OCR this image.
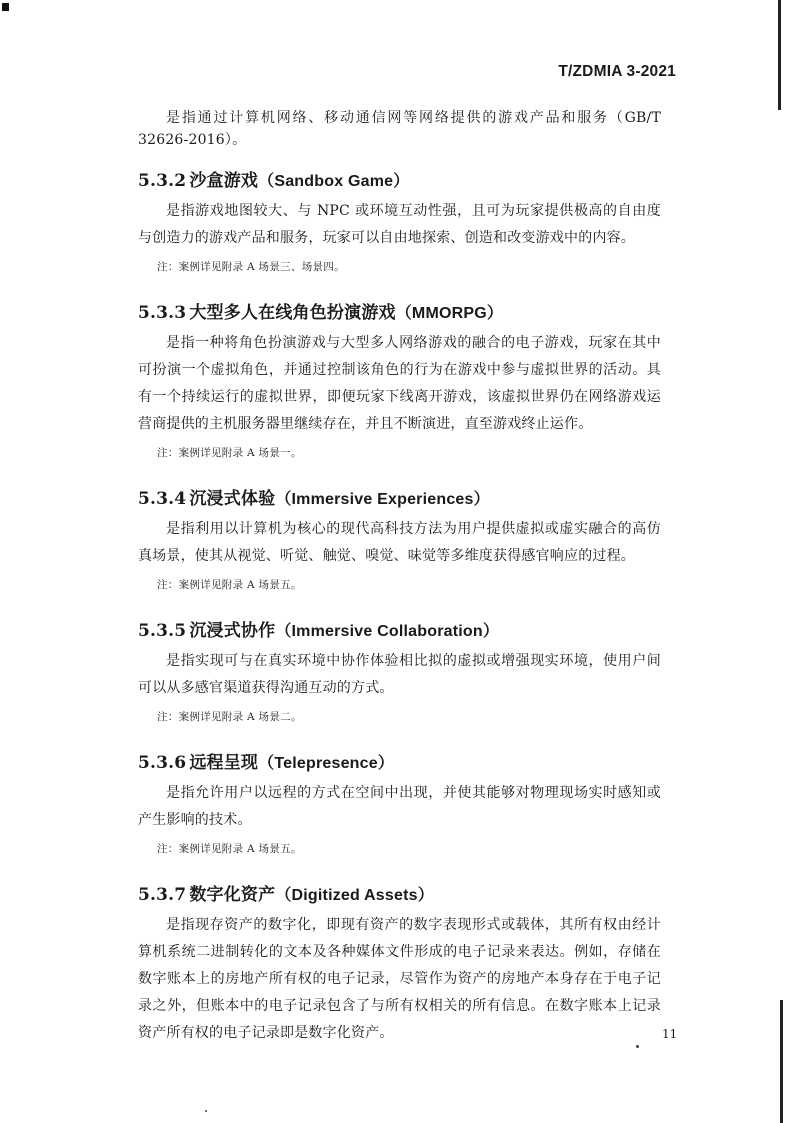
T/ZDMIA 3-2021

是指通过计算机网络、移动通信网等网络提供的游戏产品和服务（GB/T 32626-2016）。

5.3.2 沙盒游戏（Sandbox Game）

是指游戏地图较大、与 NPC 或环境互动性强，且可为玩家提供极高的自由度与创造力的游戏产品和服务，玩家可以自由地探索、创造和改变游戏中的内容。

注：案例详见附录 A 场景三、场景四。

5.3.3 大型多人在线角色扮演游戏（MMORPG）

是指一种将角色扮演游戏与大型多人网络游戏的融合的电子游戏，玩家在其中可扮演一个虚拟角色，并通过控制该角色的行为在游戏中参与虚拟世界的活动。具有一个持续运行的虚拟世界，即便玩家下线离开游戏，该虚拟世界仍在网络游戏运营商提供的主机服务器里继续存在，并且不断演进，直至游戏终止运作。

注：案例详见附录 A 场景一。

5.3.4 沉浸式体验（Immersive Experiences）

是指利用以计算机为核心的现代高科技方法为用户提供虚拟或虚实融合的高仿真场景，使其从视觉、听觉、触觉、嗅觉、味觉等多维度获得感官响应的过程。

注：案例详见附录 A 场景五。

5.3.5 沉浸式协作（Immersive Collaboration）

是指实现可与在真实环境中协作体验相比拟的虚拟或增强现实环境，使用户间可以从多感官渠道获得沟通互动的方式。

注：案例详见附录 A 场景二。

5.3.6 远程呈现（Telepresence）

是指允许用户以远程的方式在空间中出现，并使其能够对物理现场实时感知或产生影响的技术。

注：案例详见附录 A 场景五。

5.3.7 数字化资产（Digitized Assets）

是指现存资产的数字化，即现有资产的数字表现形式或载体，其所有权由经计算机系统二进制转化的文本及各种媒体文件形成的电子记录来表达。例如，存储在数字账本上的房地产所有权的电子记录，尽管作为资产的房地产本身存在于电子记录之外，但账本中的电子记录包含了与所有权相关的所有信息。在数字账本上记录资产所有权的电子记录即是数字化资产。	11
